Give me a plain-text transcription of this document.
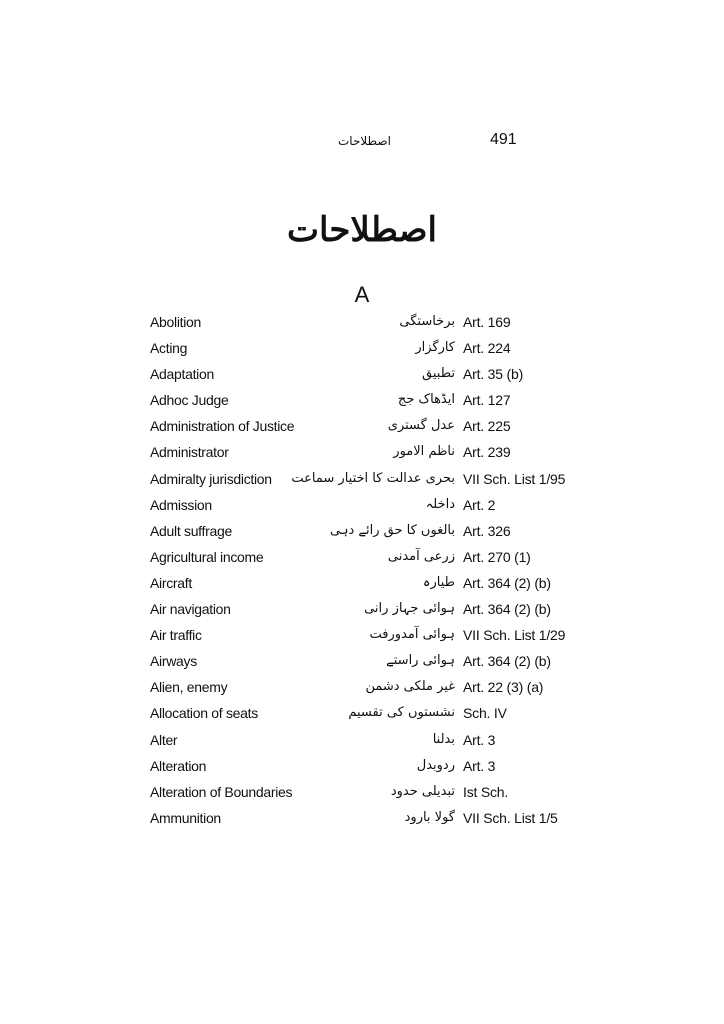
اصطلاحات	491
اصطلاحات
A
Abolition	برخاستگی Art. 169
Acting	کارگزار Art. 224
Adaptation	تطبیق Art. 35 (b)
Adhoc Judge	ایڈھاک جج Art. 127
Administration of Justice	عدل گستری Art. 225
Administrator	ناظم الامور Art. 239
Admiralty jurisdiction بحری عدالت کا اختیار سماعت VII Sch. List 1/95
Admission	داخلہ Art. 2
Adult suffrage	بالغوں کا حق رائے دہی Art. 326
Agricultural income	زرعی آمدنی Art. 270 (1)
Aircraft	طیارہ Art. 364 (2) (b)
Air navigation	ہوائی جہاز رانی Art. 364 (2) (b)
Air traffic	ہوائی آمدورفت VII Sch. List 1/29
Airways	ہوائی راستے Art. 364 (2) (b)
Alien, enemy	غیر ملکی دشمن Art. 22 (3) (a)
Allocation of seats	نشستوں کی تقسیم Sch. IV
Alter	بدلنا Art. 3
Alteration	ردوبدل Art. 3
Alteration of Boundaries	تبدیلی حدود Ist Sch.
Ammunition	گولا بارود VII Sch. List 1/5
